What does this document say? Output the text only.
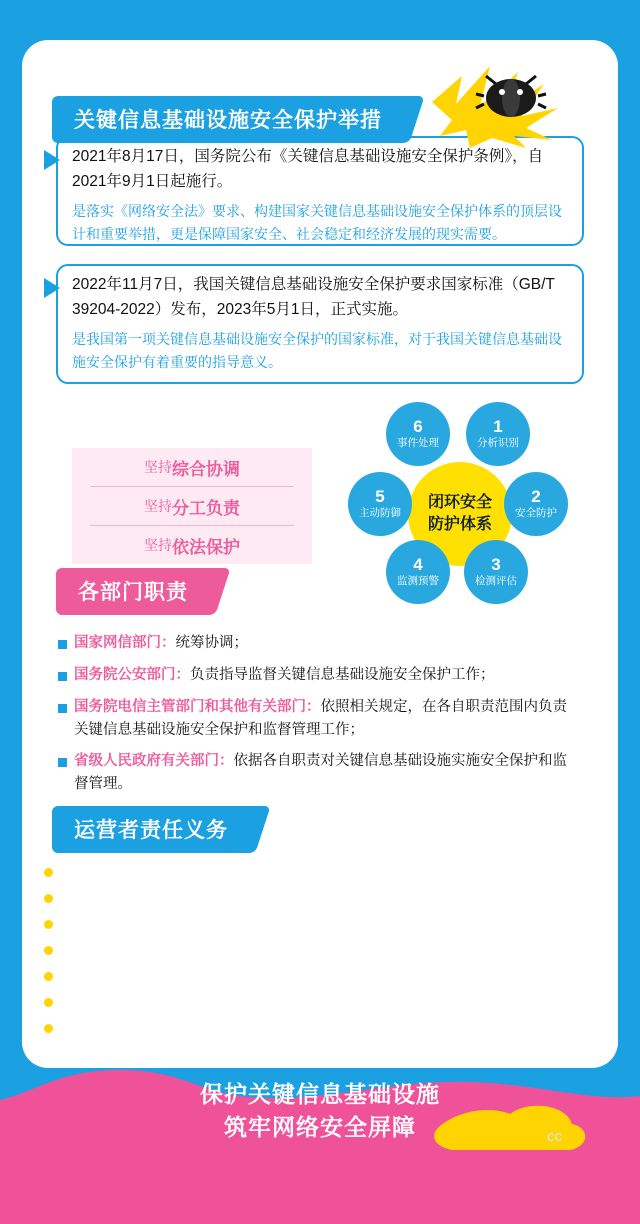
关键信息基础设施安全保护举措
2021年8月17日，国务院公布《关键信息基础设施安全保护条例》，自2021年9月1日起施行。
是落实《网络安全法》要求、构建国家关键信息基础设施安全保护体系的顶层设计和重要举措，更是保障国家安全、社会稳定和经济发展的现实需要。
2022年11月7日，我国关键信息基础设施安全保护要求国家标准（GB/T 39204-2022）发布，2023年5月1日，正式实施。
是我国第一项关键信息基础设施安全保护的国家标准，对于我国关键信息基础设施安全保护有着重要的指导意义。
坚持 综合协调
坚持 分工负责
坚持 依法保护
闭环安全
防护体系
1
分析识别
2
安全防护
3
检测评估
4
监测预警
5
主动防御
6
事件处理
各部门职责
国家网信部门：统筹协调；
国务院公安部门：负责指导监督关键信息基础设施安全保护工作；
国务院电信主管部门和其他有关部门：依照相关规定，在各自职责范围内负责关键信息基础设施安全保护和监督管理工作；
省级人民政府有关部门：依据各自职责对关键信息基础设施实施安全保护和监督管理。
运营者责任义务
落实网络安全保护制度和责任制
与关键信息基础设施同步规划、同步建设、同步使用安全保护措施
建立健全网络安全保护制度
设置专门安全管理机构
开展安全监测和风险评估
报告网络安全事件或网络安全威胁
规范网络产品和服务采购活动
保护关键信息基础设施
筑牢网络安全屏障	cc
